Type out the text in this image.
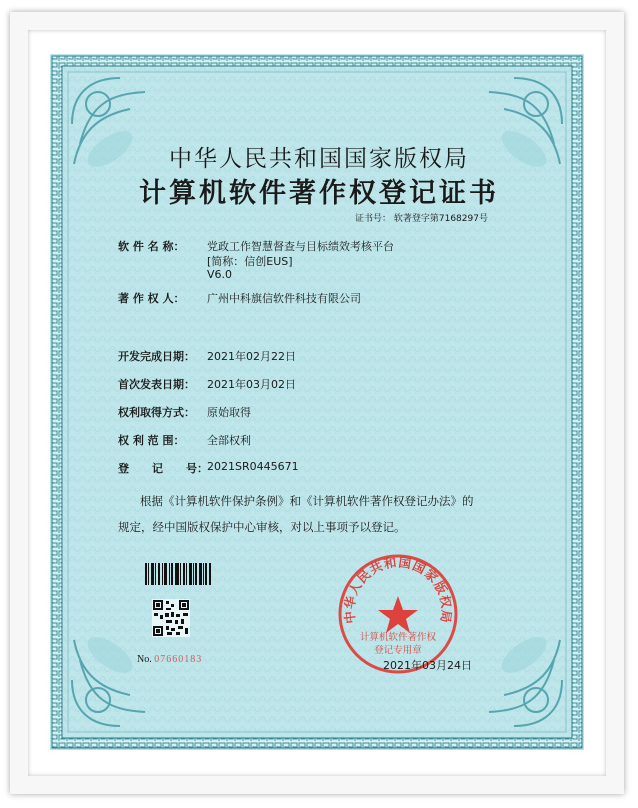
中华人民共和国国家版权局
计算机软件著作权登记证书
证书号： 软著登字第7168297号
软 件 名 称： 党政工作智慧督查与目标绩效考核平台
[简称：信创EUS]
V6.0
著 作 权 人： 广州中科旗信软件科技有限公司
开发完成日期： 2021年02月22日
首次发表日期： 2021年03月02日
权利取得方式： 原始取得
权 利 范 围： 全部权利
登      记      号： 2021SR0445671
根据《计算机软件保护条例》和《计算机软件著作权登记办法》的
规定，经中国版权保护中心审核，对以上事项予以登记。
No. 07660183
中华人民共和国国家版权局
计算机软件著作权
登记专用章
2021年03月24日
